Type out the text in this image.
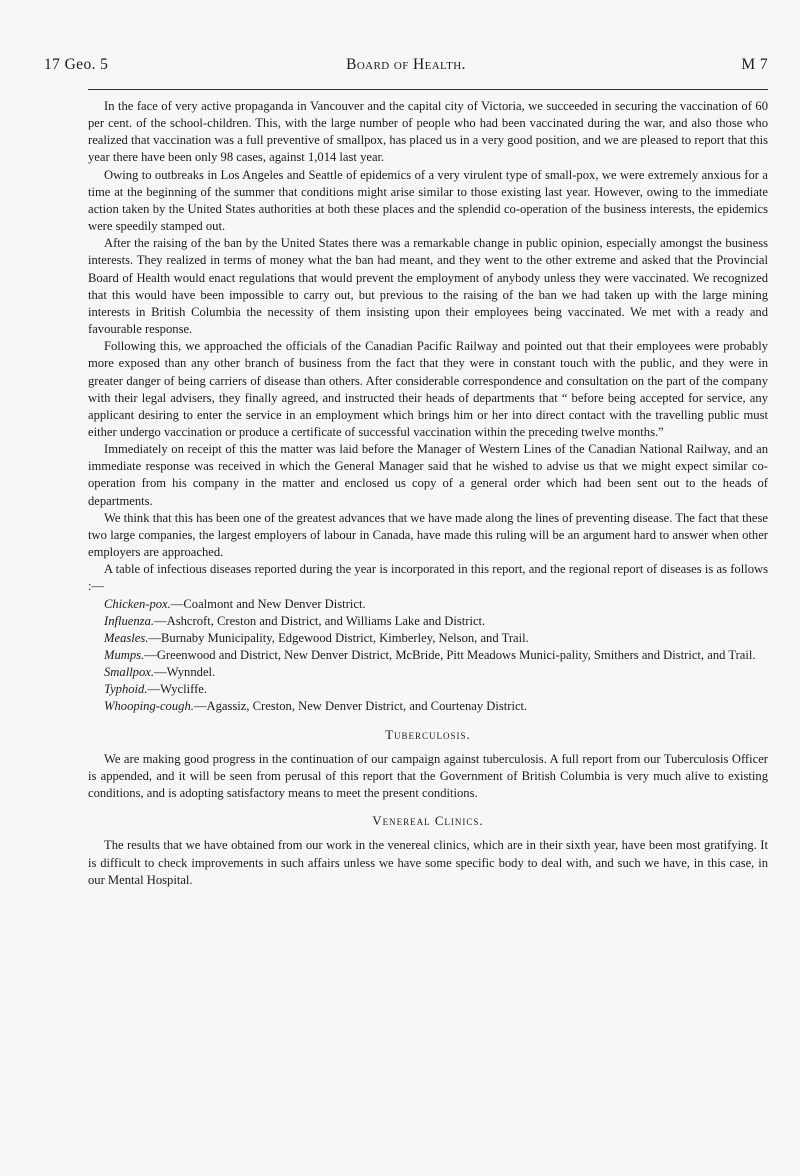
17 Geo. 5	Board of Health.	M 7

In the face of very active propaganda in Vancouver and the capital city of Victoria, we succeeded in securing the vaccination of 60 per cent. of the school-children. This, with the large number of people who had been vaccinated during the war, and also those who realized that vaccination was a full preventive of smallpox, has placed us in a very good position, and we are pleased to report that this year there have been only 98 cases, against 1,014 last year.

Owing to outbreaks in Los Angeles and Seattle of epidemics of a very virulent type of small-pox, we were extremely anxious for a time at the beginning of the summer that conditions might arise similar to those existing last year. However, owing to the immediate action taken by the United States authorities at both these places and the splendid co-operation of the business interests, the epidemics were speedily stamped out.

After the raising of the ban by the United States there was a remarkable change in public opinion, especially amongst the business interests. They realized in terms of money what the ban had meant, and they went to the other extreme and asked that the Provincial Board of Health would enact regulations that would prevent the employment of anybody unless they were vaccinated. We recognized that this would have been impossible to carry out, but previous to the raising of the ban we had taken up with the large mining interests in British Columbia the necessity of them insisting upon their employees being vaccinated. We met with a ready and favourable response.

Following this, we approached the officials of the Canadian Pacific Railway and pointed out that their employees were probably more exposed than any other branch of business from the fact that they were in constant touch with the public, and they were in greater danger of being carriers of disease than others. After considerable correspondence and consultation on the part of the company with their legal advisers, they finally agreed, and instructed their heads of departments that “ before being accepted for service, any applicant desiring to enter the service in an employment which brings him or her into direct contact with the travelling public must either undergo vaccination or produce a certificate of successful vaccination within the preceding twelve months.”

Immediately on receipt of this the matter was laid before the Manager of Western Lines of the Canadian National Railway, and an immediate response was received in which the General Manager said that he wished to advise us that we might expect similar co-operation from his company in the matter and enclosed us copy of a general order which had been sent out to the heads of departments.

We think that this has been one of the greatest advances that we have made along the lines of preventing disease. The fact that these two large companies, the largest employers of labour in Canada, have made this ruling will be an argument hard to answer when other employers are approached.

A table of infectious diseases reported during the year is incorporated in this report, and the regional report of diseases is as follows :—

Chicken-pox.—Coalmont and New Denver District.

Influenza.—Ashcroft, Creston and District, and Williams Lake and District.

Measles.—Burnaby Municipality, Edgewood District, Kimberley, Nelson, and Trail.

Mumps.—Greenwood and District, New Denver District, McBride, Pitt Meadows Munici-pality, Smithers and District, and Trail.

Smallpox.—Wynndel.

Typhoid.—Wycliffe.

Whooping-cough.—Agassiz, Creston, New Denver District, and Courtenay District.

Tuberculosis.

We are making good progress in the continuation of our campaign against tuberculosis. A full report from our Tuberculosis Officer is appended, and it will be seen from perusal of this report that the Government of British Columbia is very much alive to existing conditions, and is adopting satisfactory means to meet the present conditions.

Venereal Clinics.

The results that we have obtained from our work in the venereal clinics, which are in their sixth year, have been most gratifying. It is difficult to check improvements in such affairs unless we have some specific body to deal with, and such we have, in this case, in our Mental Hospital.
